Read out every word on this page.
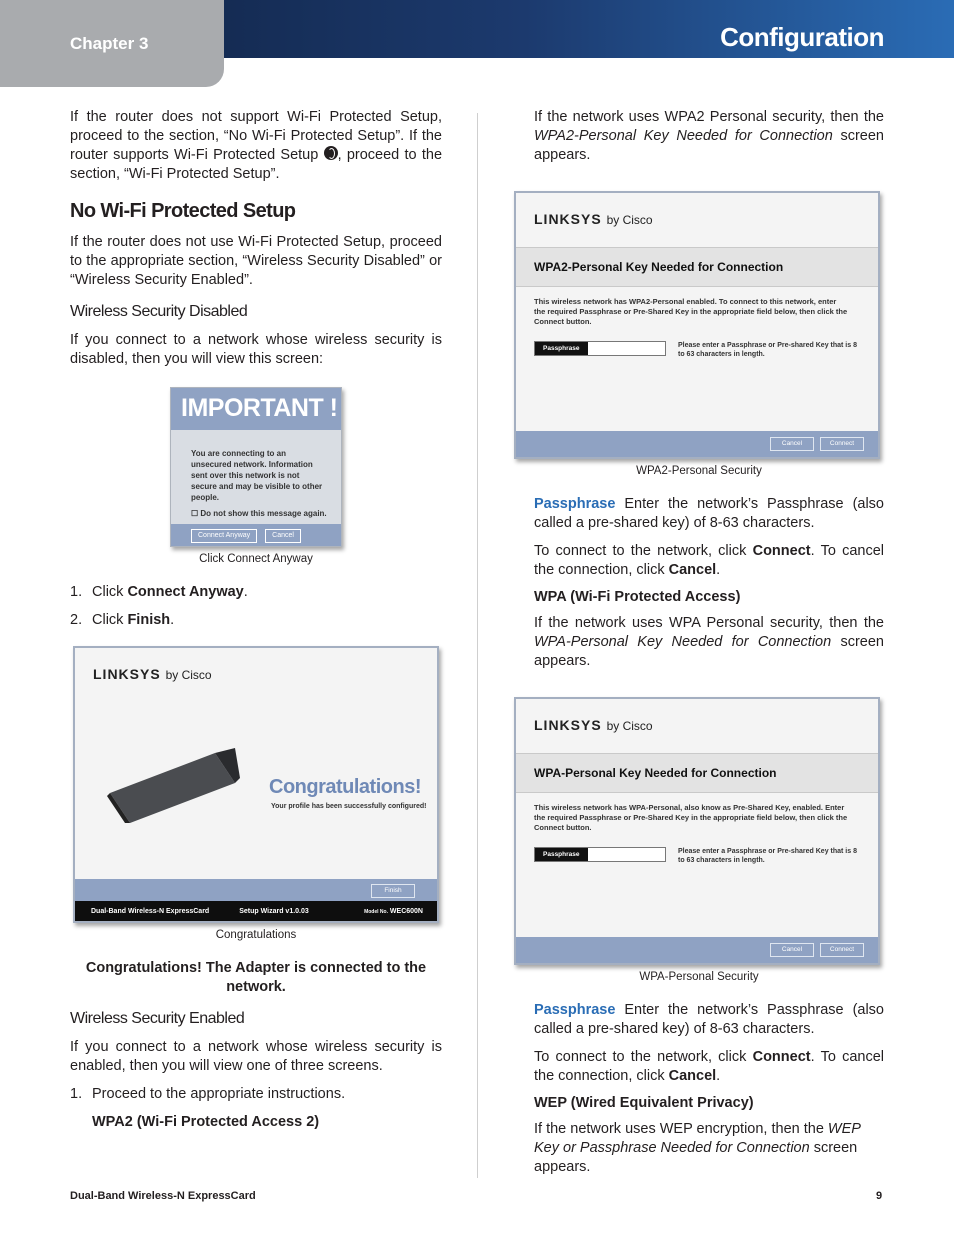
Chapter 3	Configuration

If the router does not support Wi-Fi Protected Setup, proceed to the section, “No Wi-Fi Protected Setup”. If the router supports Wi-Fi Protected Setup , proceed to the section, “Wi-Fi Protected Setup”.

No Wi-Fi Protected Setup

If the router does not use Wi-Fi Protected Setup, proceed to the appropriate section, “Wireless Security Disabled” or “Wireless Security Enabled”.

Wireless Security Disabled

If you connect to a network whose wireless security is disabled, then you will view this screen:

IMPORTANT !
You are connecting to an unsecured network. Information sent over this network is not secure and may be visible to other people.
☐ Do not show this message again.
Connect Anyway	Cancel
Click Connect Anyway
1. Click Connect Anyway.
2. Click Finish.
LINKSYS by Cisco
Congratulations!
Your profile has been successfully configured!
Finish
Dual-Band Wireless-N ExpressCard	Setup Wizard v1.0.03	Model No. WEC600N
Congratulations
Congratulations! The Adapter is connected to the network.
Wireless Security Enabled

If you connect to a network whose wireless security is enabled, then you will view one of three screens.

1. Proceed to the appropriate instructions.
WPA2 (Wi-Fi Protected Access 2)

If the network uses WPA2 Personal security, then the WPA2-Personal Key Needed for Connection screen appears.

LINKSYS by Cisco
WPA2-Personal Key Needed for Connection
This wireless network has WPA2-Personal enabled. To connect to this network, enter the required Passphrase or Pre-Shared Key in the appropriate field below, then click the Connect button.
Passphrase	Please enter a Passphrase or Pre-shared Key that is 8 to 63 characters in length.
Cancel	Connect
WPA2-Personal Security

Passphrase Enter the network’s Passphrase (also called a pre-shared key) of 8-63 characters.

To connect to the network, click Connect. To cancel the connection, click Cancel.

WPA (Wi-Fi Protected Access)

If the network uses WPA Personal security, then the WPA-Personal Key Needed for Connection screen appears.

LINKSYS by Cisco
WPA-Personal Key Needed for Connection
This wireless network has WPA-Personal, also know as Pre-Shared Key, enabled. Enter the required Passphrase or Pre-Shared Key in the appropriate field below, then click the Connect button.
Passphrase	Please enter a Passphrase or Pre-shared Key that is 8 to 63 characters in length.
Cancel	Connect
WPA-Personal Security

Passphrase Enter the network’s Passphrase (also called a pre-shared key) of 8-63 characters.

To connect to the network, click Connect. To cancel the connection, click Cancel.

WEP (Wired Equivalent Privacy)

If the network uses WEP encryption, then the WEP Key or Passphrase Needed for Connection screen appears.

Dual-Band Wireless-N ExpressCard	9
